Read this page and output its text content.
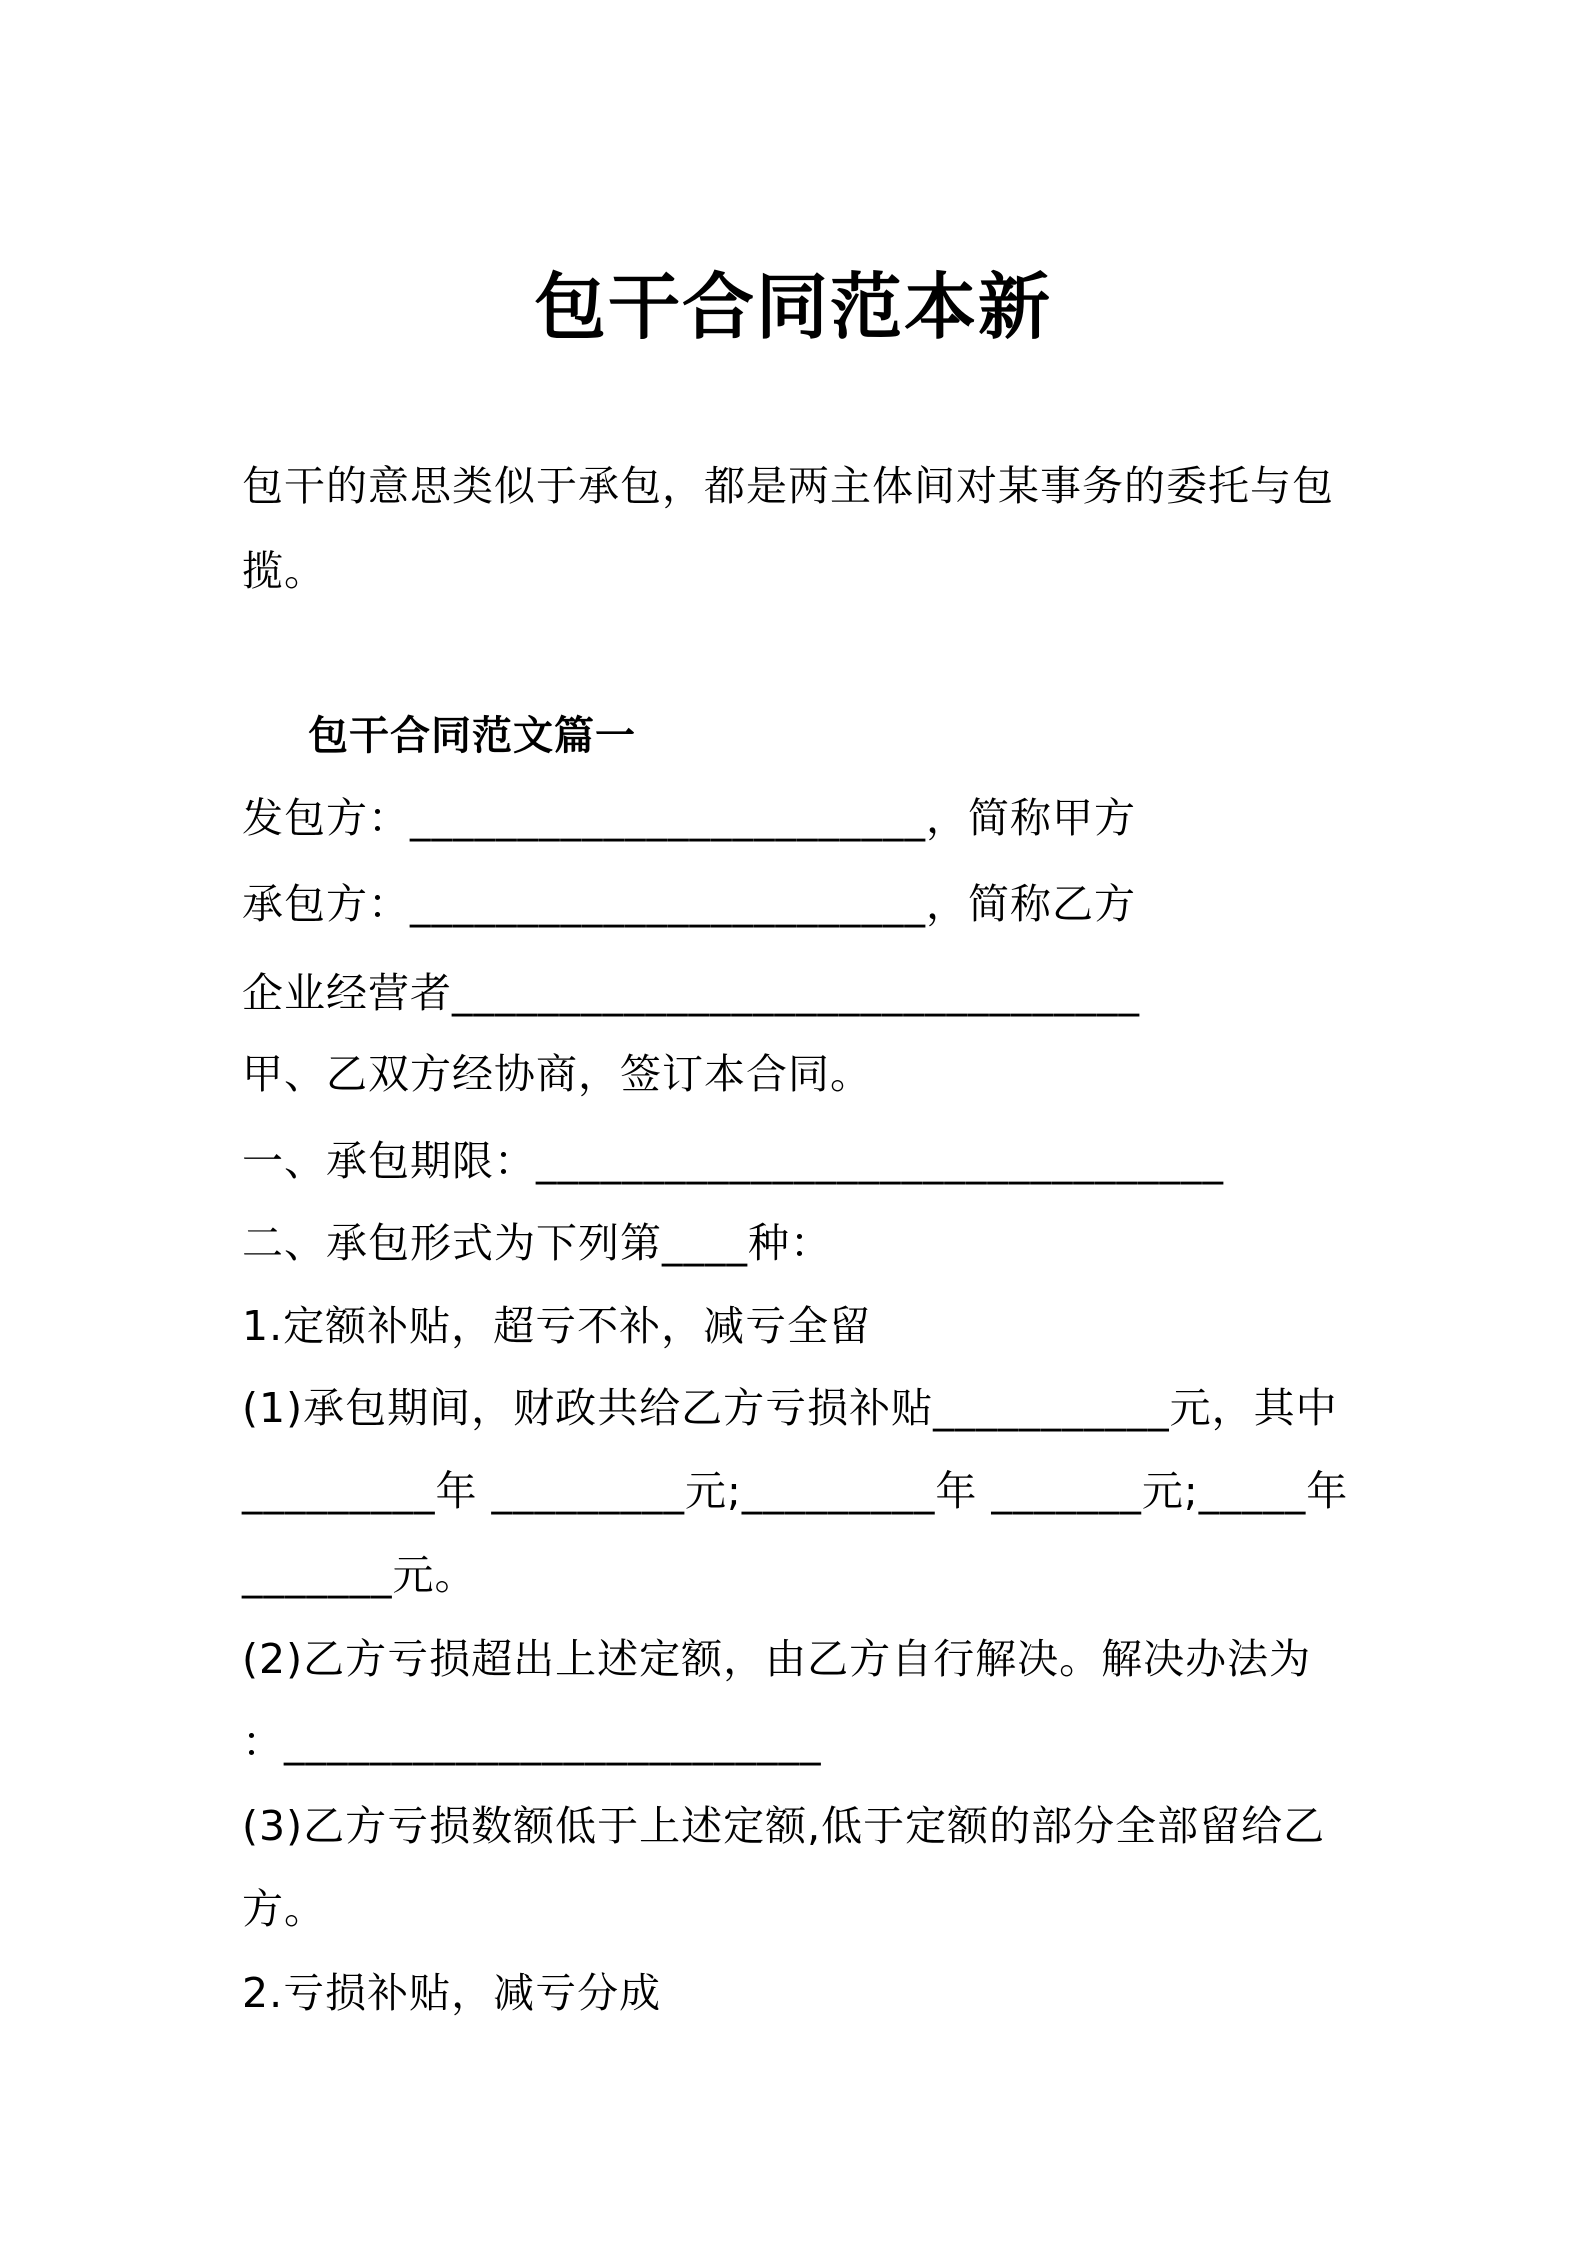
包干合同范本新
包干的意思类似于承包，都是两主体间对某事务的委托与包
揽。
包干合同范文篇一
发包方：________________________，简称甲方
承包方：________________________，简称乙方
企业经营者________________________________
甲、乙双方经协商，签订本合同。
一、承包期限：________________________________
二、承包形式为下列第____种：
1.定额补贴，超亏不补，减亏全留
(1)承包期间，财政共给乙方亏损补贴___________元，其中
_________年 _________元;_________年 _______元;_____年
_______元。
(2)乙方亏损超出上述定额，由乙方自行解决。解决办法为
：_________________________
(3)乙方亏损数额低于上述定额,低于定额的部分全部留给乙
方。
2.亏损补贴，减亏分成
